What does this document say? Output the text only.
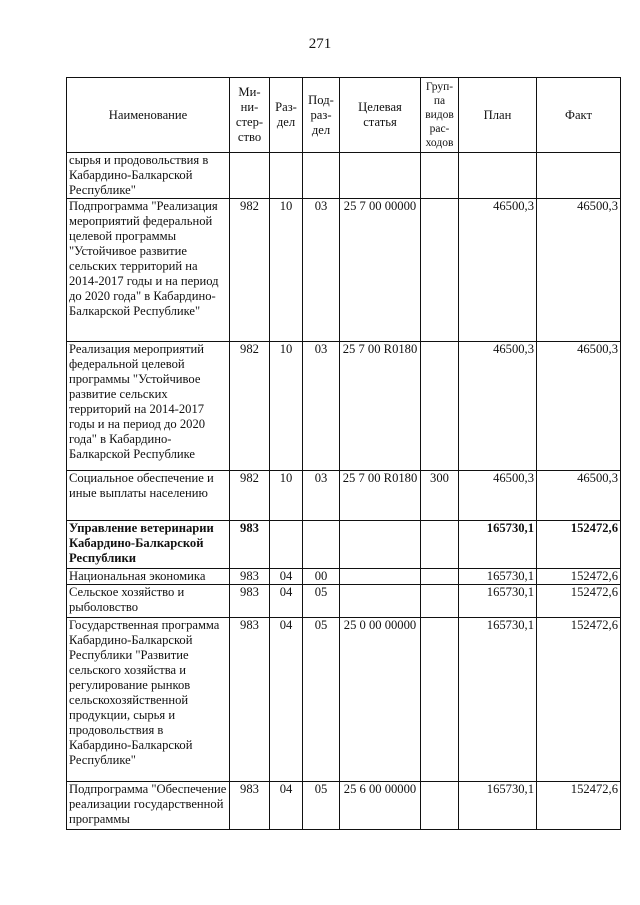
271
Наименование	Ми-
ни-
стер-
ство	Раз-
дел	Под-
раз-
дел	Целевая
статья	Груп-
па
видов
рас-
ходов	План	Факт
сырья и продовольствия в Кабардино-Балкарской Республике"							
Подпрограмма "Реализация мероприятий федеральной целевой программы "Устойчивое развитие сельских территорий на 2014-2017 годы и на период до 2020 года" в Кабардино-Балкарской Республике"	982	10	03	25 7 00 00000		46500,3	46500,3
Реализация мероприятий федеральной целевой программы "Устойчивое развитие сельских территорий на 2014-2017 годы и на период до 2020 года" в Кабардино-Балкарской Республике	982	10	03	25 7 00 R0180		46500,3	46500,3
Социальное обеспечение и иные выплаты населению	982	10	03	25 7 00 R0180	300	46500,3	46500,3
Управление ветеринарии Кабардино-Балкарской Республики	983					165730,1	152472,6
Национальная экономика	983	04	00			165730,1	152472,6
Сельское хозяйство и рыболовство	983	04	05			165730,1	152472,6
Государственная программа Кабардино-Балкарской Республики "Развитие сельского хозяйства и регулирование рынков сельскохозяйственной продукции, сырья и продовольствия в Кабардино-Балкарской Республике"	983	04	05	25 0 00 00000		165730,1	152472,6
Подпрограмма "Обеспечение реализации государственной программы	983	04	05	25 6 00 00000		165730,1	152472,6
